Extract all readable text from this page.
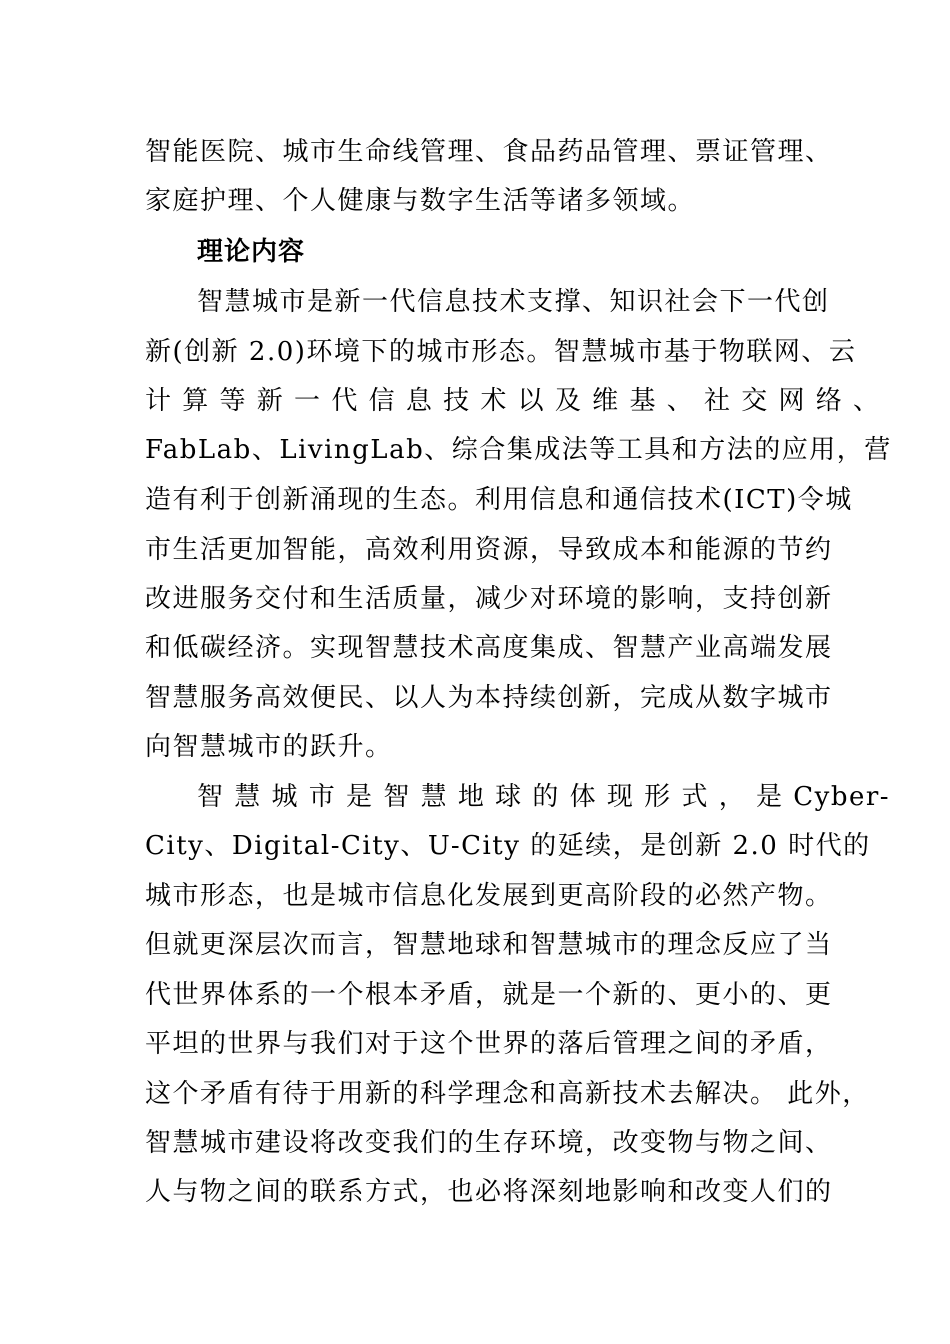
智能医院、城市生命线管理、食品药品管理、票证管理、
家庭护理、个人健康与数字生活等诸多领域。
理论内容
智慧城市是新一代信息技术支撑、知识社会下一代创
新(创新 2.0)环境下的城市形态。智慧城市基于物联网、云
计 算 等 新 一 代 信 息 技 术 以 及 维 基 、 社 交 网 络 、
FabLab、LivingLab、综合集成法等工具和方法的应用，营
造有利于创新涌现的生态。利用信息和通信技术(ICT)令城
市生活更加智能，高效利用资源，导致成本和能源的节约
改进服务交付和生活质量，减少对环境的影响，支持创新
和低碳经济。实现智慧技术高度集成、智慧产业高端发展
智慧服务高效便民、以人为本持续创新，完成从数字城市
向智慧城市的跃升。
智 慧 城 市 是 智 慧 地 球 的 体 现 形 式 ， 是 Cyber-
City、Digital-City、U-City 的延续，是创新 2.0 时代的
城市形态，也是城市信息化发展到更高阶段的必然产物。
但就更深层次而言，智慧地球和智慧城市的理念反应了当
代世界体系的一个根本矛盾，就是一个新的、更小的、更
平坦的世界与我们对于这个世界的落后管理之间的矛盾，
这个矛盾有待于用新的科学理念和高新技术去解决。 此外，
智慧城市建设将改变我们的生存环境，改变物与物之间、
人与物之间的联系方式，也必将深刻地影响和改变人们的
